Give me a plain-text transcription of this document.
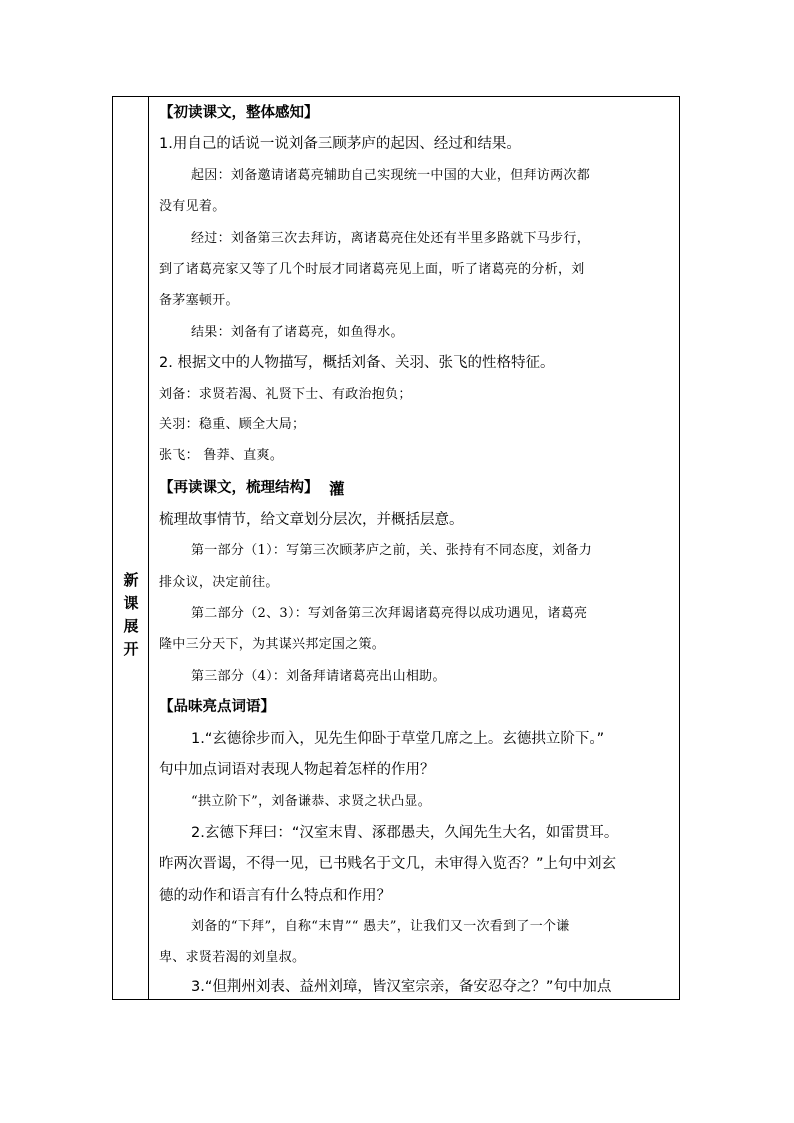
新
课
展
开
【初读课文，整体感知】
1.用自己的话说一说刘备三顾茅庐的起因、经过和结果。
起因：刘备邀请诸葛亮辅助自己实现统一中国的大业，但拜访两次都
没有见着。
经过：刘备第三次去拜访，离诸葛亮住处还有半里多路就下马步行，
到了诸葛亮家又等了几个时辰才同诸葛亮见上面，听了诸葛亮的分析，刘
备茅塞顿开。
结果：刘备有了诸葛亮，如鱼得水。
2. 根据文中的人物描写，概括刘备、关羽、张飞的性格特征。
刘备：求贤若渴、礼贤下士、有政治抱负；
关羽：稳重、顾全大局；
张飞： 鲁莽、直爽。
【再读课文，梳理结构】 灌
梳理故事情节，给文章划分层次，并概括层意。
第一部分（1）：写第三次顾茅庐之前，关、张持有不同态度，刘备力
排众议，决定前往。
第二部分（2、3）：写刘备第三次拜谒诸葛亮得以成功遇见，诸葛亮
隆中三分天下，为其谋兴邦定国之策。
第三部分（4）：刘备拜请诸葛亮出山相助。
【品味亮点词语】
1.“玄德徐步而入，见先生仰卧于草堂几席之上。玄德拱立阶下。”
句中加点词语对表现人物起着怎样的作用？
“拱立阶下”，刘备谦恭、求贤之状凸显。
2.玄德下拜曰：“汉室末胄、涿郡愚夫，久闻先生大名，如雷贯耳。
昨两次晋谒，不得一见，已书贱名于文几，未审得入览否？”上句中刘玄
德的动作和语言有什么特点和作用？
刘备的“下拜”，自称“末胄”“ 愚夫”，让我们又一次看到了一个谦
卑、求贤若渴的刘皇叔。
3.“但荆州刘表、益州刘璋，皆汉室宗亲，备安忍夺之？”句中加点
